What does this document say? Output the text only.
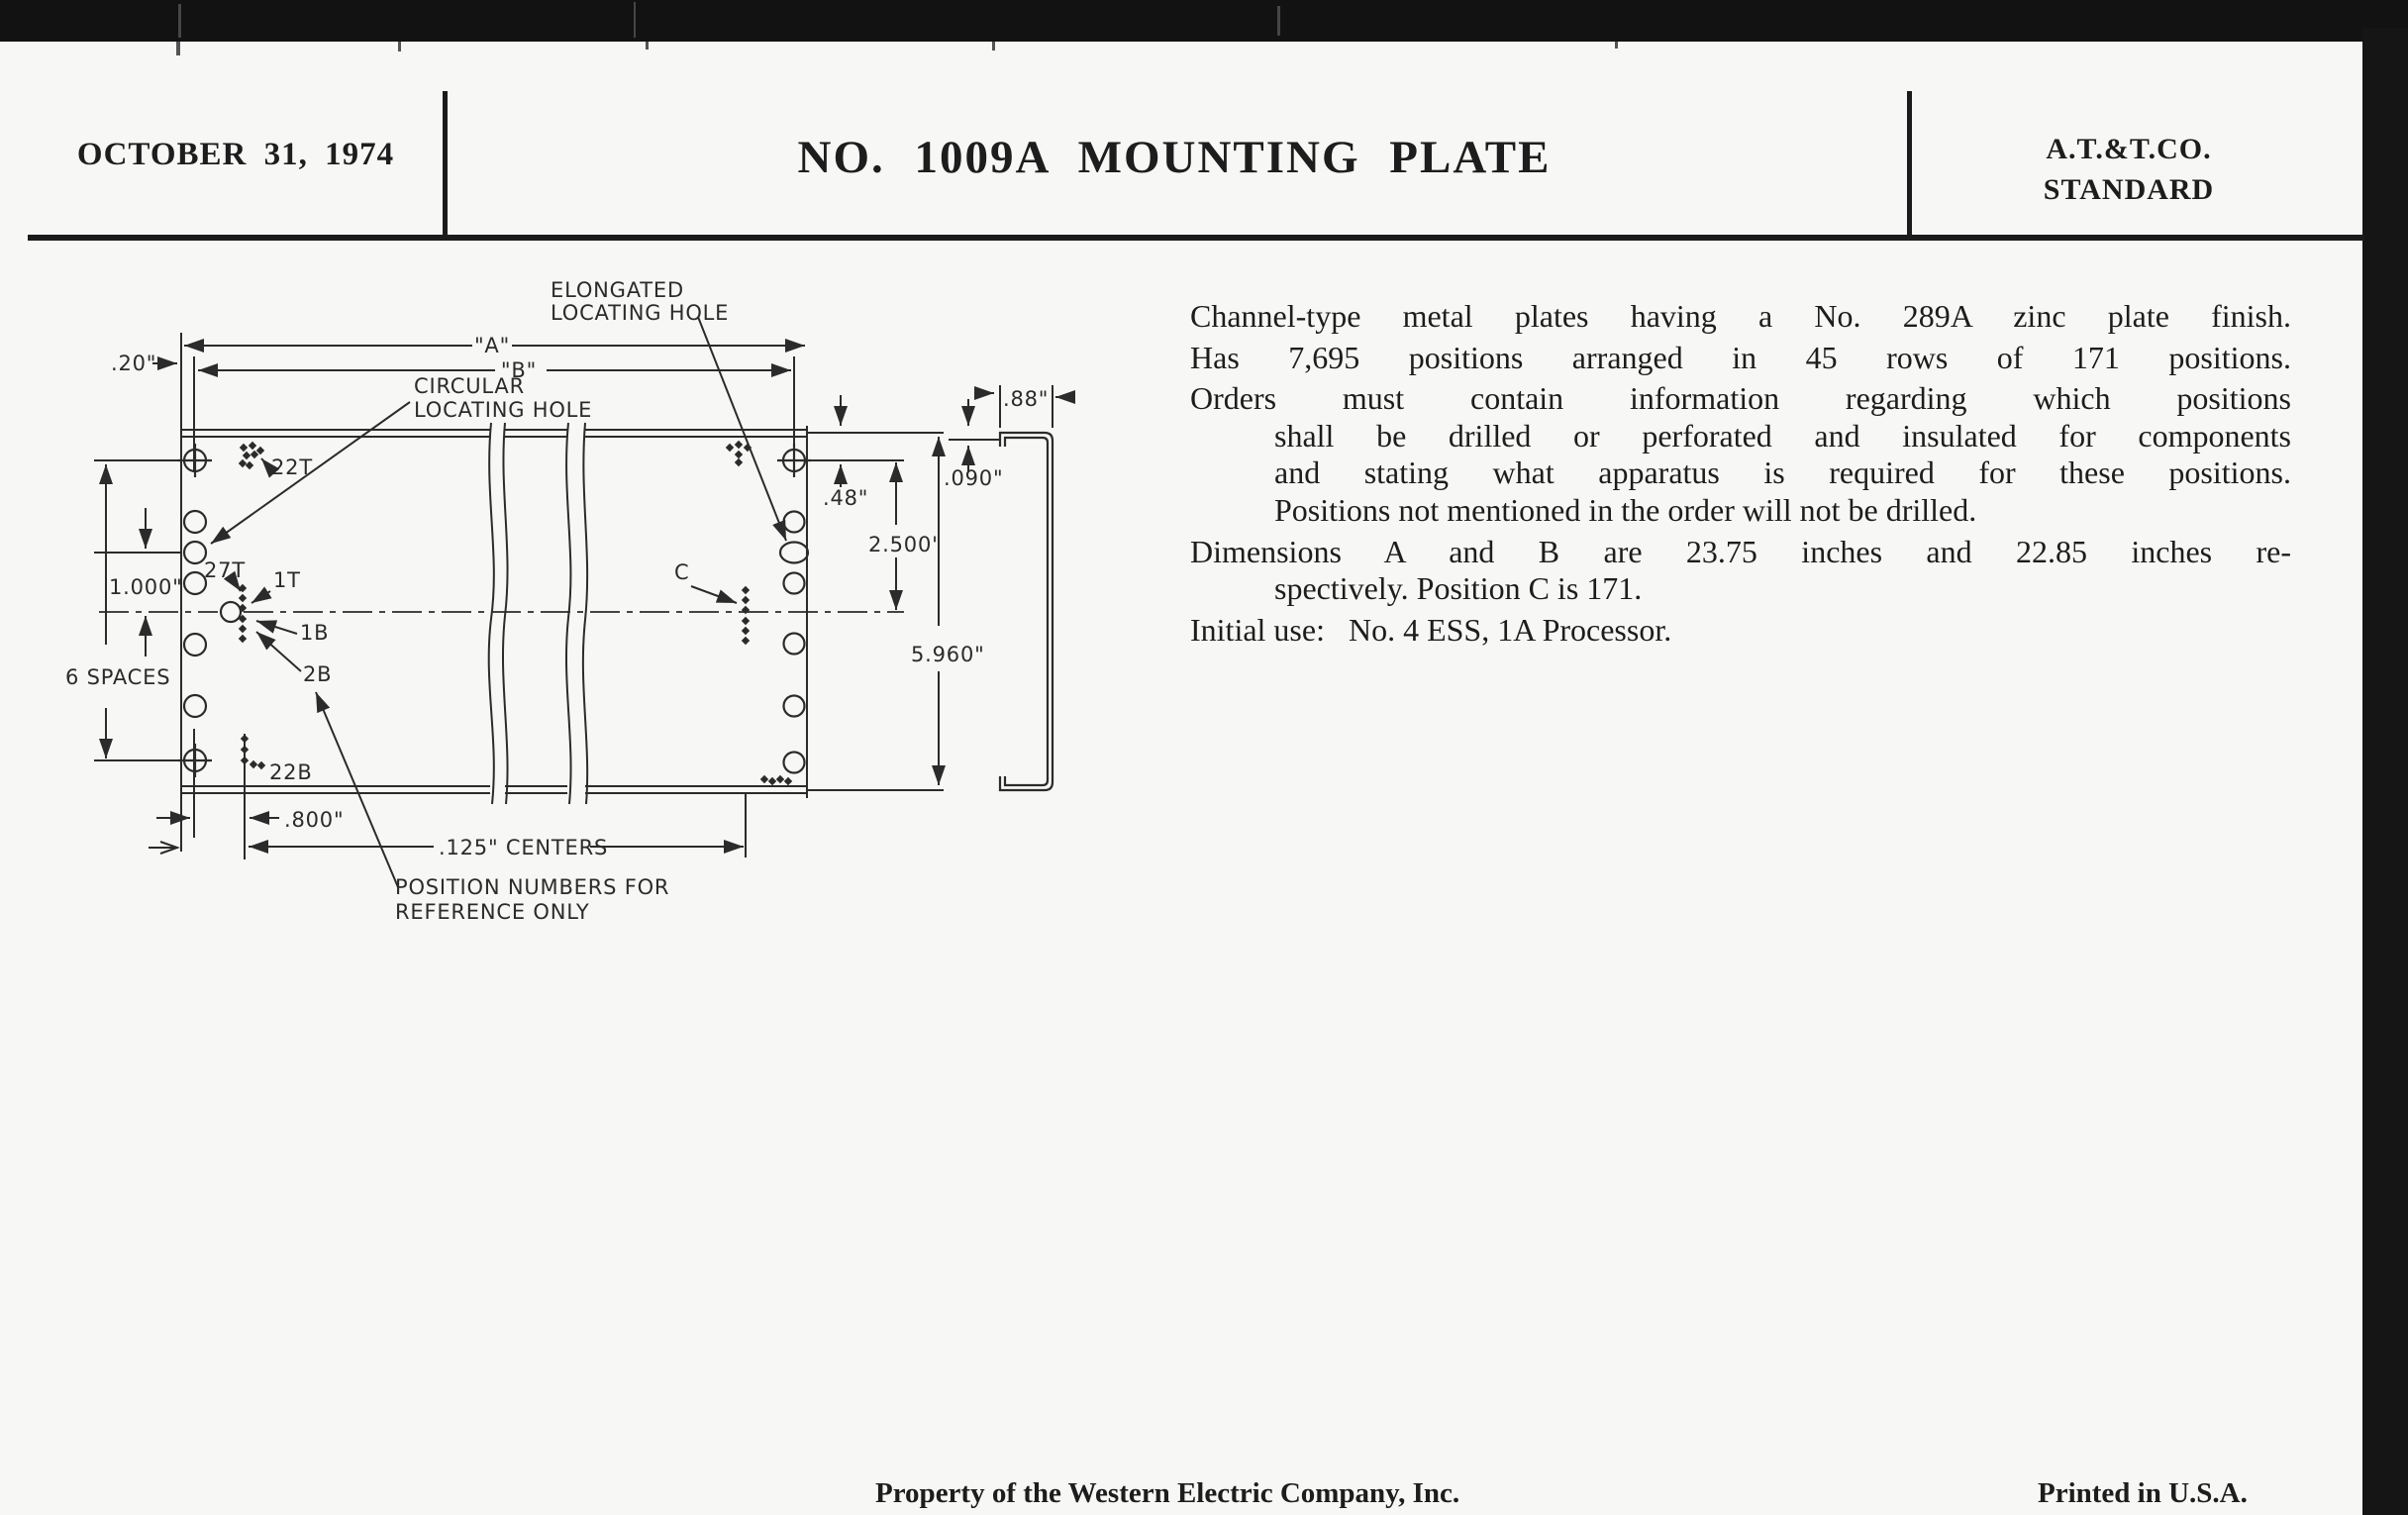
OCTOBER 31, 1974	NO. 1009A MOUNTING PLATE	A.T.&T.CO.
STANDARD
ELONGATED
LOCATING HOLE
CIRCULAR
LOCATING HOLE
"A"
"B"
.20"
.48"
2.500"
5.960"
.090"
.88"
1.000"
6 SPACES
.800"
.125" CENTERS
POSITION NUMBERS FOR
REFERENCE ONLY
22T
27T 1T
1B
2B
22B
C
Channel-type metal plates having a No. 289A zinc plate finish.
Has 7,695 positions arranged in 45 rows of 171 positions.
Orders must contain information regarding which positions
shall be drilled or perforated and insulated for components
and stating what apparatus is required for these positions.
Positions not mentioned in the order will not be drilled.
Dimensions A and B are 23.75 inches and 22.85 inches re-
spectively. Position C is 171.
Initial use:   No. 4 ESS, 1A Processor.
Property of the Western Electric Company, Inc.	Printed in U.S.A.
